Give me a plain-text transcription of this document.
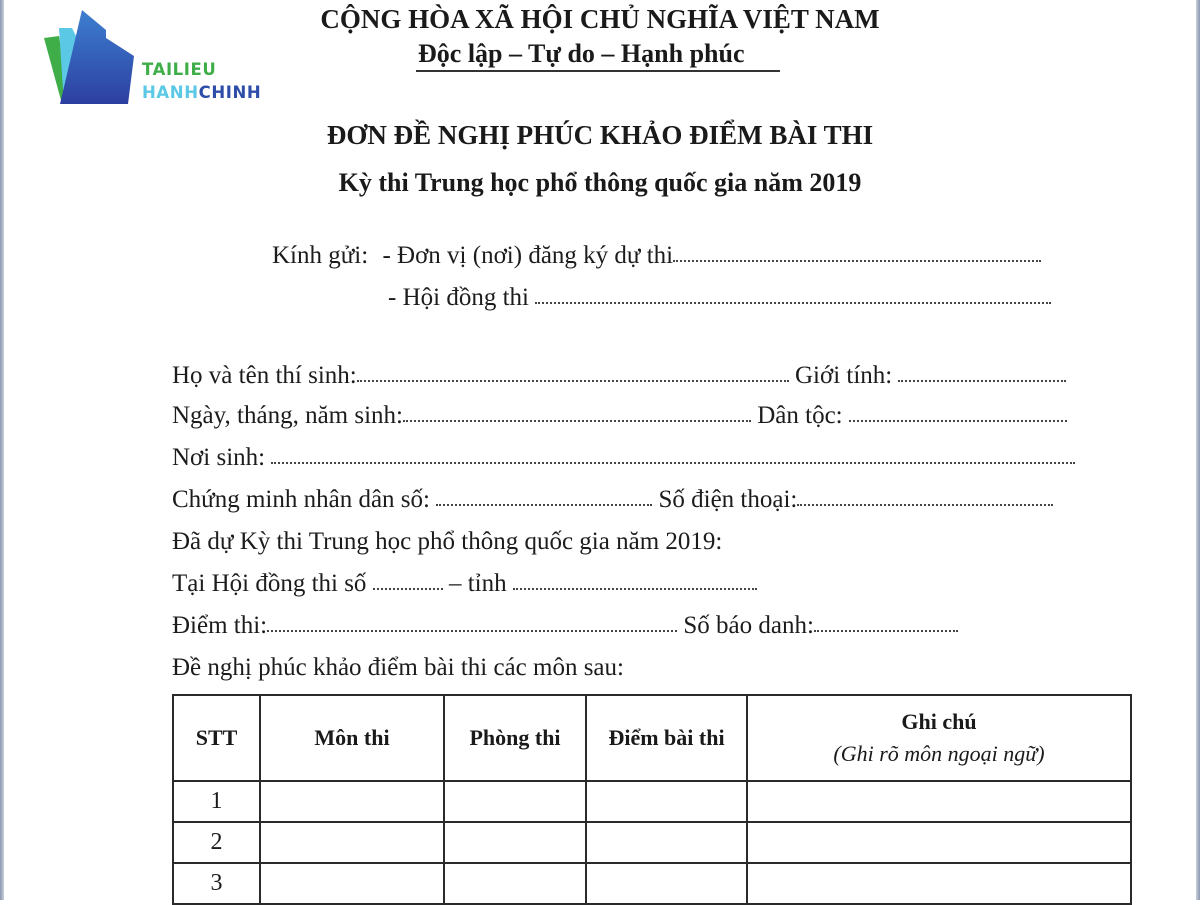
TAILIEU
HANHCHINH
CỘNG HÒA XÃ HỘI CHỦ NGHĨA VIỆT NAM
Độc lập – Tự do – Hạnh phúc
ĐƠN ĐỀ NGHỊ PHÚC KHẢO ĐIỂM BÀI THI
Kỳ thi Trung học phổ thông quốc gia năm 2019
Kính gửi: - Đơn vị (nơi) đăng ký dự thi
- Hội đồng thi
Họ và tên thí sinh:	Giới tính:
Ngày, tháng, năm sinh:	Dân tộc:
Nơi sinh:
Chứng minh nhân dân số:	Số điện thoại:
Đã dự Kỳ thi Trung học phổ thông quốc gia năm 2019:
Tại Hội đồng thi số	– tỉnh
Điểm thi:	Số báo danh:
Đề nghị phúc khảo điểm bài thi các môn sau:
STT	Môn thi	Phòng thi	Điểm bài thi	Ghi chú
(Ghi rõ môn ngoại ngữ)

1				
2				
3				
